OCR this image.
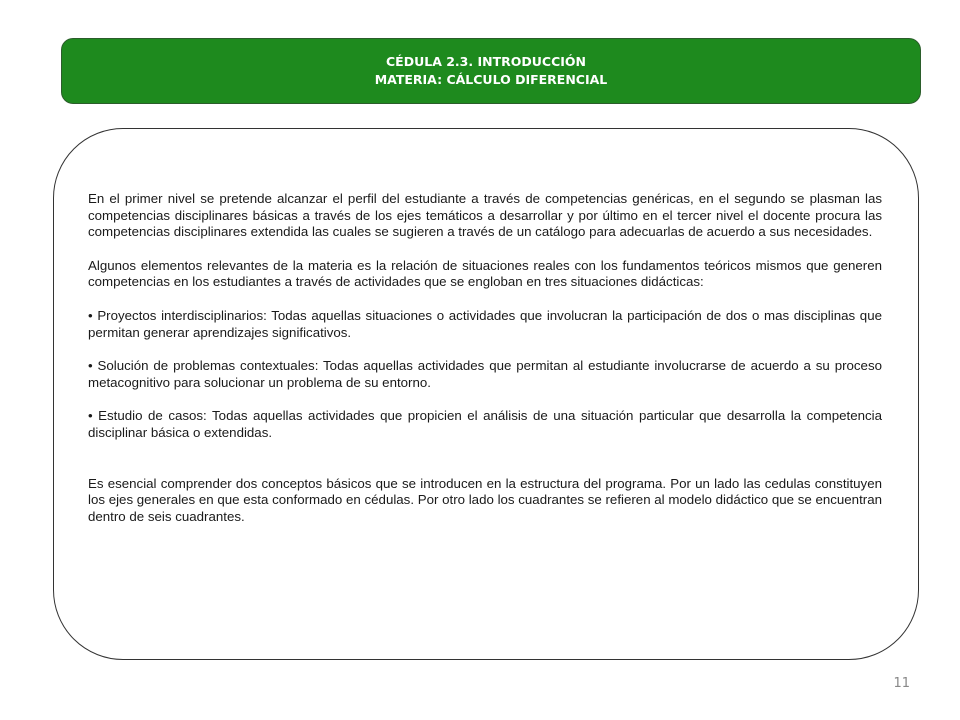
CÉDULA 2.3. INTRODUCCIÓN
MATERIA: CÁLCULO DIFERENCIAL

En el primer nivel se pretende alcanzar el perfil del estudiante a través de competencias genéricas, en el segundo se plasman las competencias disciplinares básicas a través de los ejes temáticos a desarrollar y por último en el tercer nivel el docente procura las competencias disciplinares extendida las cuales se sugieren a través de un catálogo para adecuarlas de acuerdo a sus necesidades.

Algunos elementos relevantes de la materia es la relación de situaciones reales con los fundamentos teóricos mismos que generen competencias en los estudiantes a través de actividades que se engloban en tres situaciones didácticas:

• Proyectos interdisciplinarios: Todas aquellas situaciones o actividades que involucran la participación de dos o mas disciplinas que permitan generar aprendizajes significativos.

• Solución de problemas contextuales: Todas aquellas actividades que permitan al estudiante involucrarse de acuerdo a su proceso metacognitivo para solucionar un problema de su entorno.

• Estudio de casos: Todas aquellas actividades que propicien el análisis de una situación particular que desarrolla la competencia disciplinar básica o extendidas.

Es esencial comprender dos conceptos básicos que se introducen en la estructura del programa. Por un lado las cedulas constituyen los ejes generales en que esta conformado en cédulas. Por otro lado los cuadrantes se refieren al modelo didáctico que se encuentran dentro de seis cuadrantes.

11
